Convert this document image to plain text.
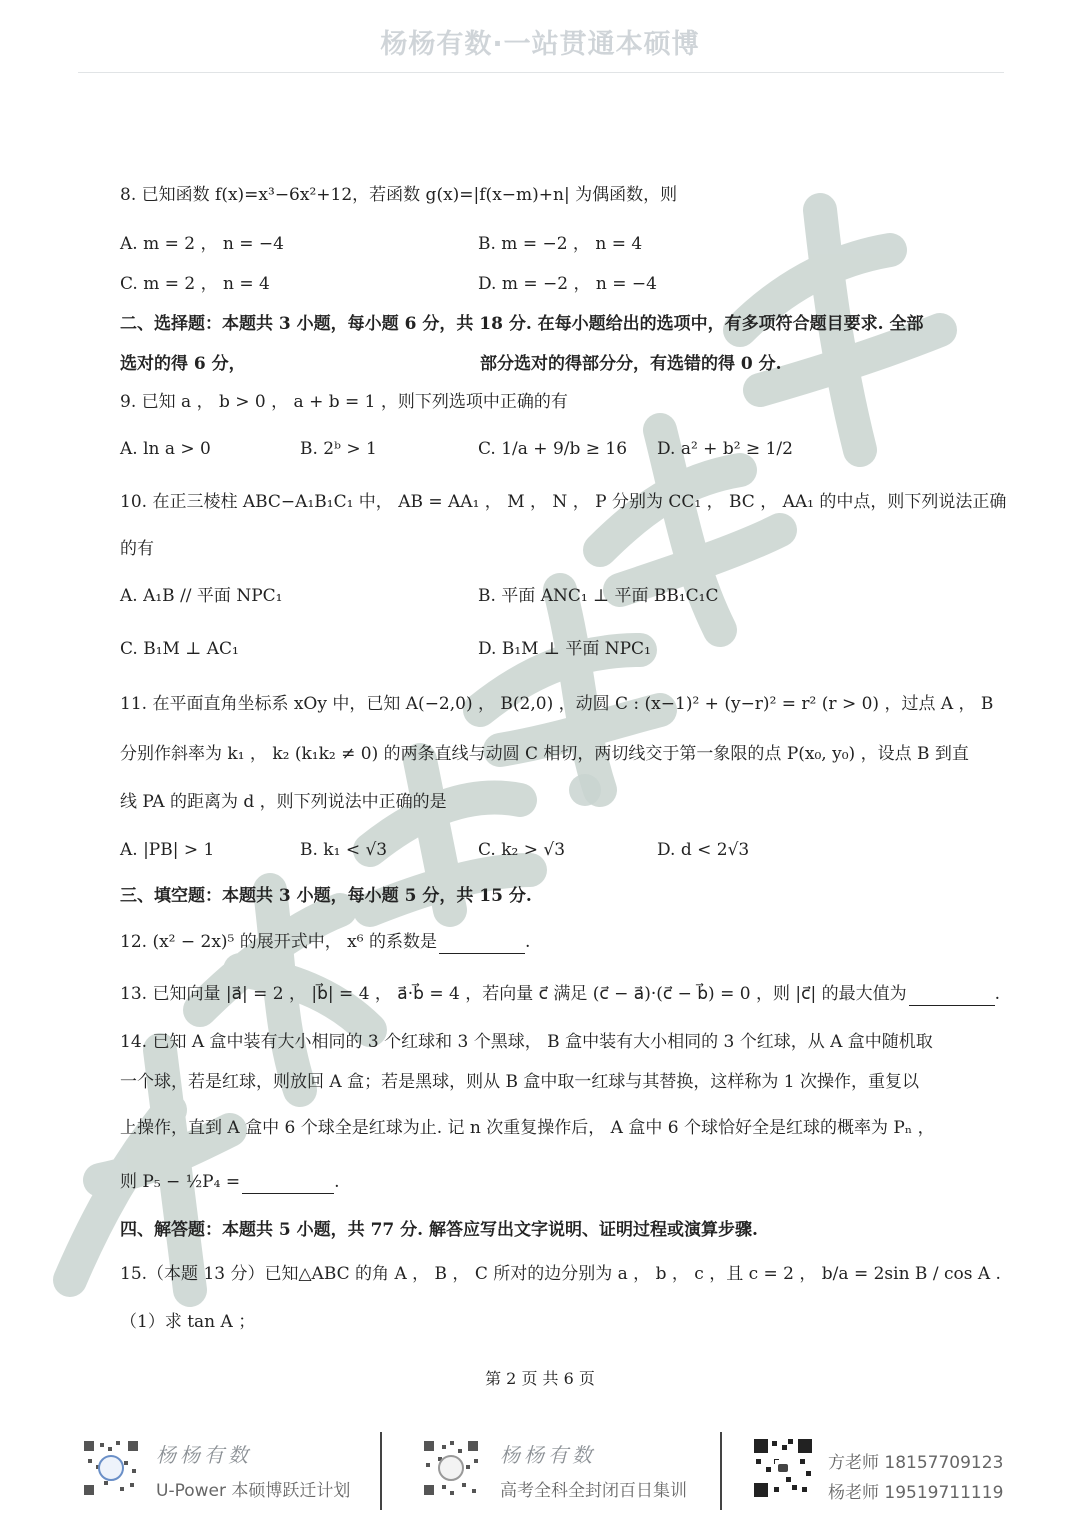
杨杨有数·一站贯通本硕博
8. 已知函数 f(x)=x³−6x²+12，若函数 g(x)=|f(x−m)+n| 为偶函数，则
A. m = 2 ， n = −4	B. m = −2 ， n = 4
C. m = 2 ， n = 4	D. m = −2 ， n = −4
二、选择题：本题共 3 小题，每小题 6 分，共 18 分. 在每小题给出的选项中，有多项符合题目要求. 全部
选对的得 6 分，	部分选对的得部分分，有选错的得 0 分.
9. 已知 a ， b > 0 ， a + b = 1 ，则下列选项中正确的有
A. ln a > 0	B. 2ᵇ > 1	C. 1/a + 9/b ≥ 16 D. a² + b² ≥ 1/2
10. 在正三棱柱 ABC−A₁B₁C₁ 中， AB = AA₁ ， M ， N ， P 分别为 CC₁ ， BC ， AA₁ 的中点，则下列说法正确
的有
A. A₁B // 平面 NPC₁	B. 平面 ANC₁ ⊥ 平面 BB₁C₁C
C. B₁M ⊥ AC₁	D. B₁M ⊥ 平面 NPC₁
11. 在平面直角坐标系 xOy 中，已知 A(−2,0) ， B(2,0) ，动圆 C : (x−1)² + (y−r)² = r² (r > 0) ，过点 A ， B
分别作斜率为 k₁ ， k₂ (k₁k₂ ≠ 0) 的两条直线与动圆 C 相切，两切线交于第一象限的点 P(x₀, y₀) ，设点 B 到直
线 PA 的距离为 d ，则下列说法中正确的是
A. |PB| > 1	B. k₁ < √3	C. k₂ > √3	D. d < 2√3
三、填空题：本题共 3 小题，每小题 5 分，共 15 分.
12. (x² − 2x)⁵ 的展开式中， x⁶ 的系数是	.
13. 已知向量 |a⃗| = 2 ， |b⃗| = 4 ， a⃗·b⃗ = 4 ，若向量 c⃗ 满足 (c⃗ − a⃗)·(c⃗ − b⃗) = 0 ，则 |c⃗| 的最大值为	.
14. 已知 A 盒中装有大小相同的 3 个红球和 3 个黑球， B 盒中装有大小相同的 3 个红球，从 A 盒中随机取
一个球，若是红球，则放回 A 盒；若是黑球，则从 B 盒中取一红球与其替换，这样称为 1 次操作，重复以
上操作，直到 A 盒中 6 个球全是红球为止. 记 n 次重复操作后， A 盒中 6 个球恰好全是红球的概率为 Pₙ ，
则 P₅ − ½P₄ =	.
四、解答题：本题共 5 小题，共 77 分. 解答应写出文字说明、证明过程或演算步骤.
15.（本题 13 分）已知△ABC 的角 A ， B ， C 所对的边分别为 a ， b ， c ，且 c = 2 ， b/a = 2sin B / cos A .
（1）求 tan A ；
第 2 页 共 6 页
杨杨有数
U-Power 本硕博跃迁计划
杨杨有数
高考全科全封闭百日集训
方老师 18157709123
杨老师 19519711119
